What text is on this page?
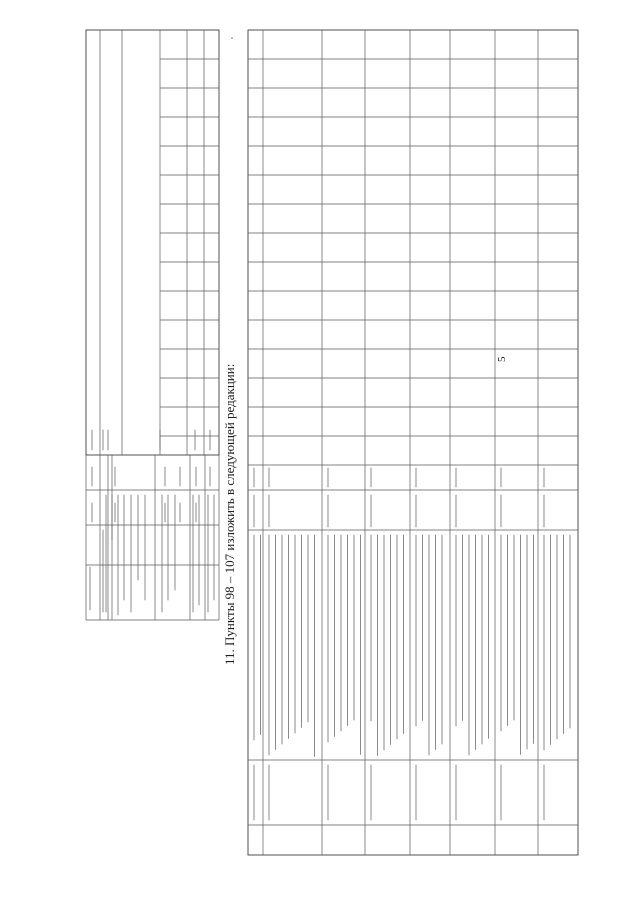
11. Пункты 98 – 107 изложить в следующей редакции:
5
